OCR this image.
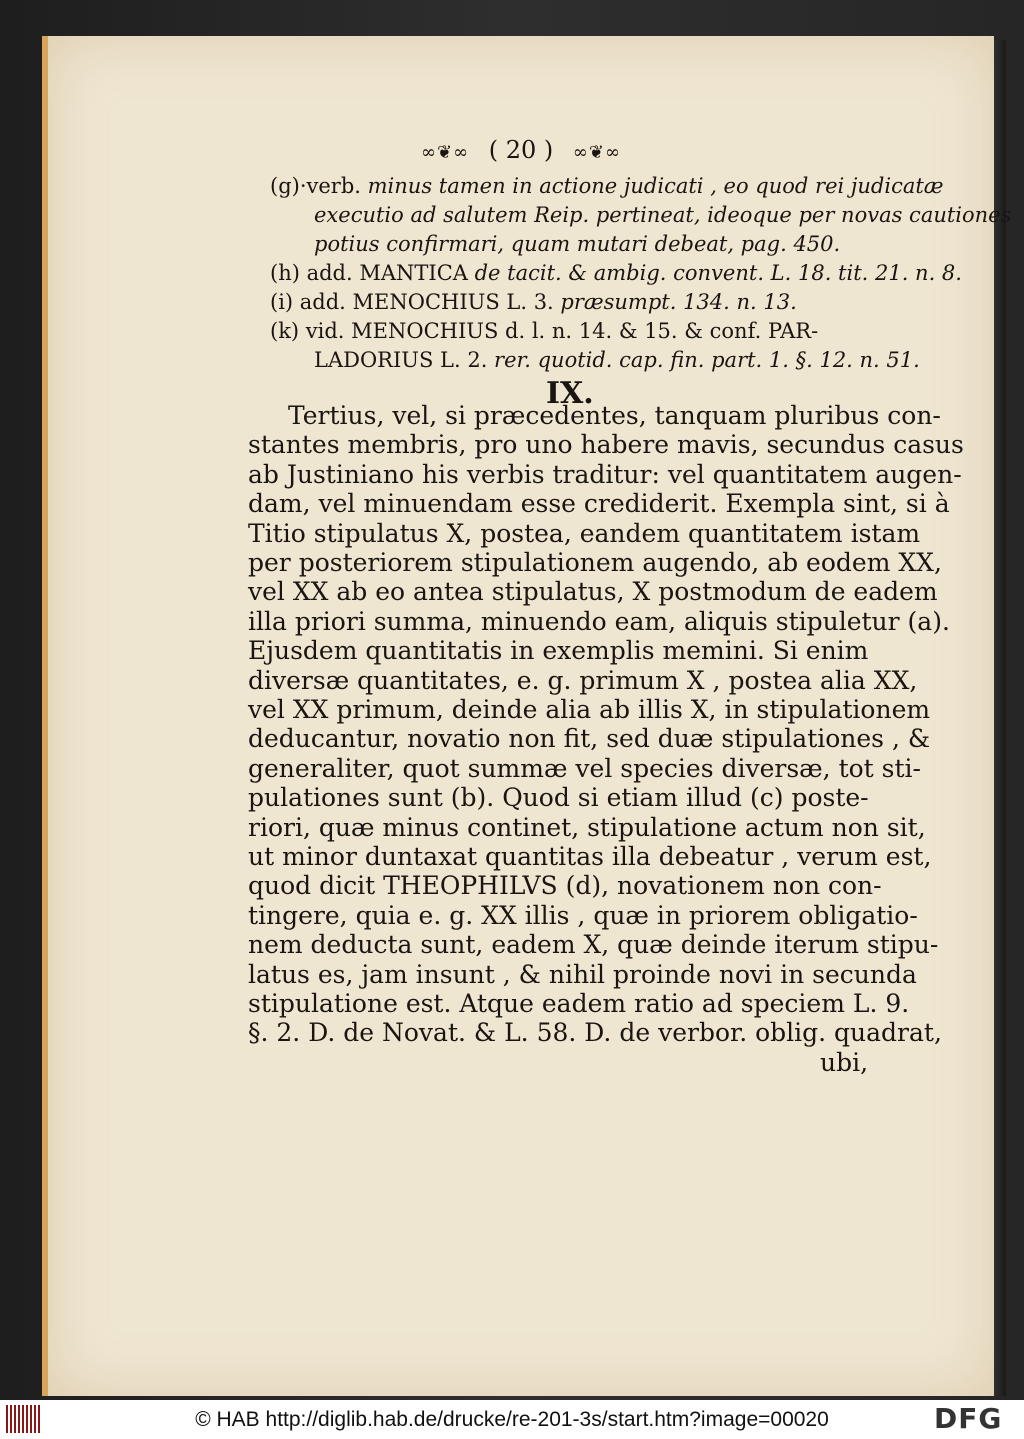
∞❦∞ ( 20 ) ∞❦∞
(g)·verb. minus tamen in actione judicati , eo quod rei judicatæ
executio ad salutem Reip. pertineat, ideoque per novas cautiones
potius confirmari, quam mutari debeat, pag. 450.
(h) add. MANTICA de tacit. & ambig. convent. L. 18. tit. 21. n. 8.
(i) add. MENOCHIUS L. 3. præsumpt. 134. n. 13.
(k) vid. MENOCHIUS d. l. n. 14. & 15. & conf. PAR-
LADORIUS L. 2. rer. quotid. cap. fin. part. 1. §. 12. n. 51.
IX.
Tertius, vel, si præcedentes, tanquam pluribus con-
stantes membris, pro uno habere mavis, secundus casus
ab Justiniano his verbis traditur: vel quantitatem augen-
dam, vel minuendam esse crediderit. Exempla sint, si à
Titio stipulatus X, postea, eandem quantitatem istam
per posteriorem stipulationem augendo, ab eodem XX,
vel XX ab eo antea stipulatus, X postmodum de eadem
illa priori summa, minuendo eam, aliquis stipuletur (a).
Ejusdem quantitatis in exemplis memini. Si enim
diversæ quantitates, e. g. primum X , postea alia XX,
vel XX primum, deinde alia ab illis X, in stipulationem
deducantur, novatio non fit, sed duæ stipulationes , &
generaliter, quot summæ vel species diversæ, tot sti-
pulationes sunt (b). Quod si etiam illud (c) poste-
riori, quæ minus continet, stipulatione actum non sit,
ut minor duntaxat quantitas illa debeatur , verum est,
quod dicit THEOPHILVS (d), novationem non con-
tingere, quia e. g. XX illis , quæ in priorem obligatio-
nem deducta sunt, eadem X, quæ deinde iterum stipu-
latus es, jam insunt , & nihil proinde novi in secunda
stipulatione est. Atque eadem ratio ad speciem L. 9.
§. 2. D. de Novat. & L. 58. D. de verbor. oblig. quadrat,
ubi,
© HAB http://diglib.hab.de/drucke/re-201-3s/start.htm?image=00020	DFG
